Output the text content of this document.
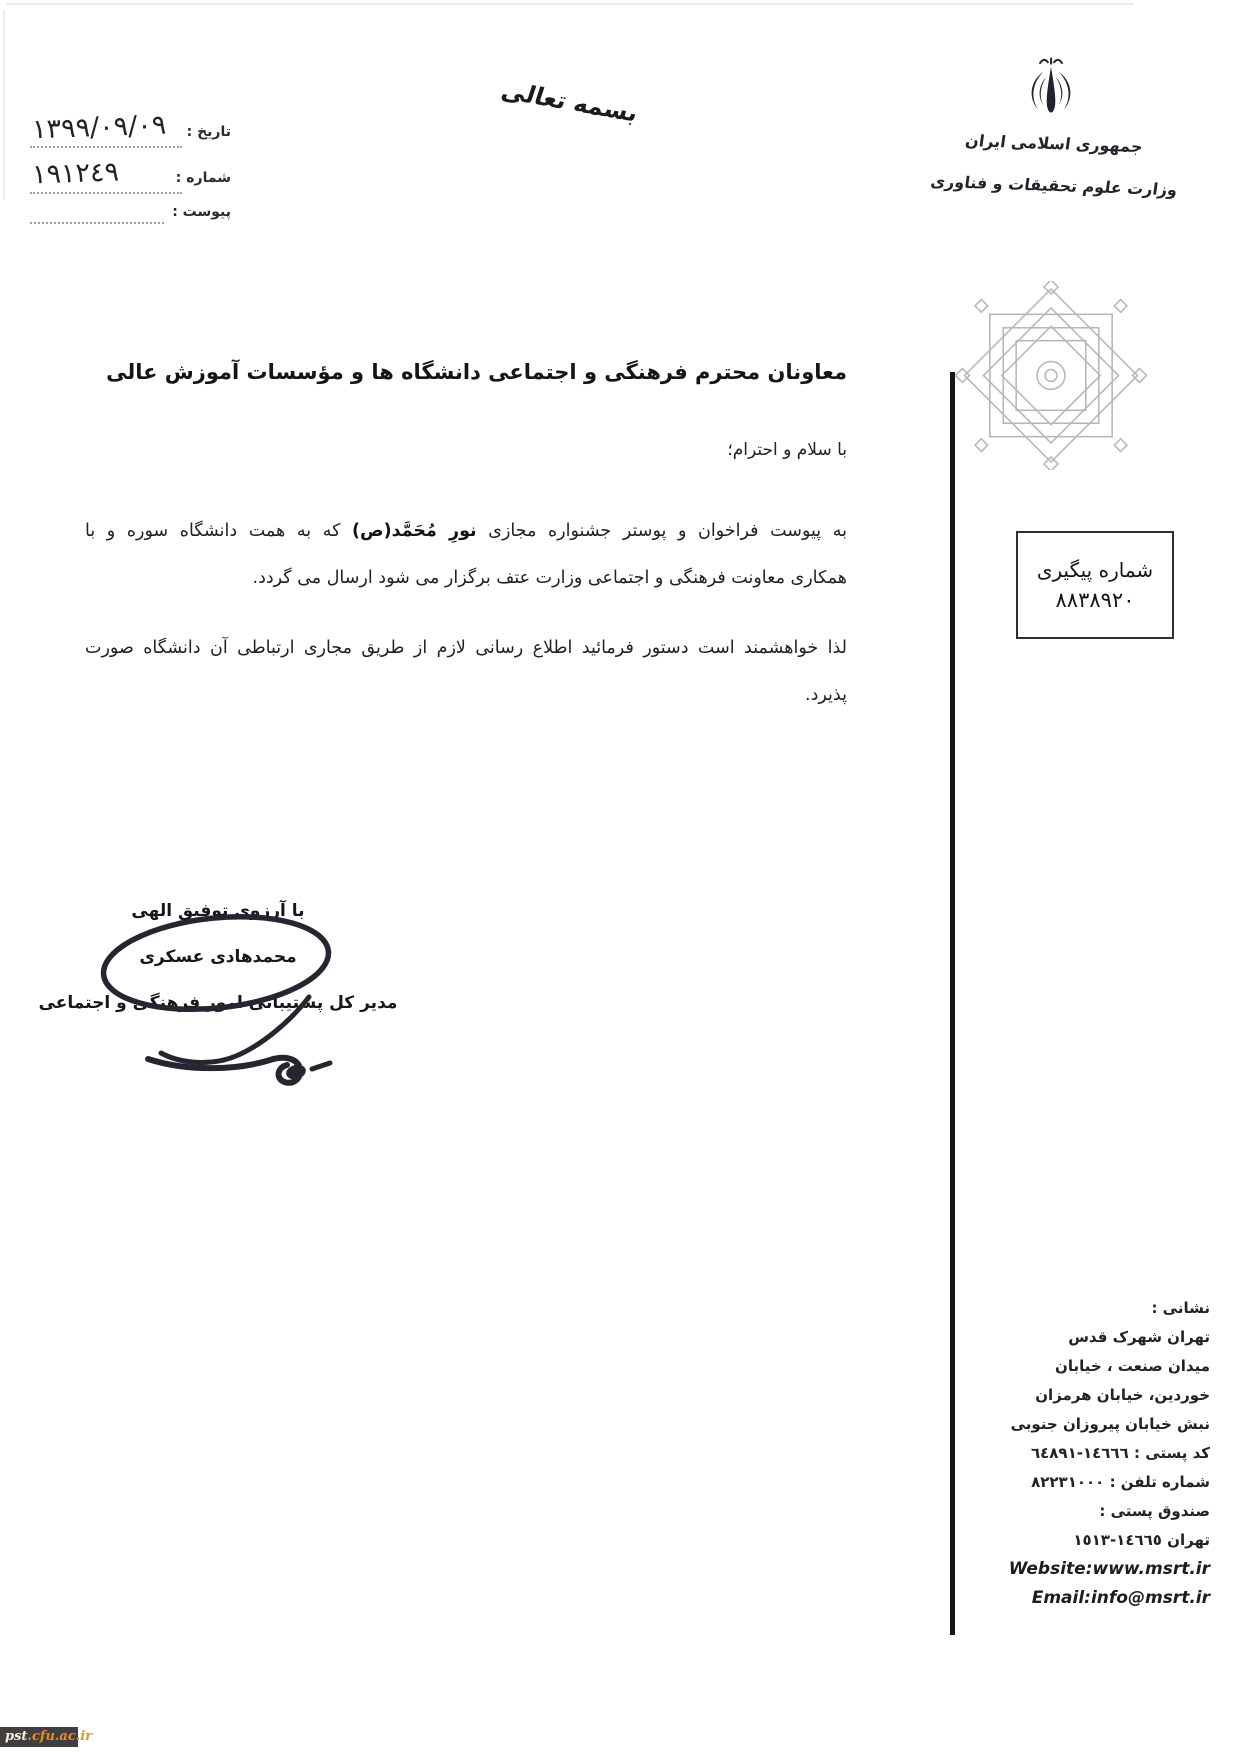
١٣٩٩/٠٩/٠٩ تاریخ :
١٩١٢٤٩	شماره :
پیوست :
بسمه تعالی
جمهوری اسلامی ایران
وزارت علوم تحقیقات و فناوری
شماره پیگیری
٨٨٣٨٩٢٠
معاونان محترم فرهنگی و اجتماعی دانشگاه ها و مؤسسات آموزش عالی
با سلام و احترام؛
به پیوست فراخوان و پوستر جشنواره مجازی نورِ مُحَمَّد(ص) که به همت دانشگاه سوره و با
همکاری معاونت فرهنگی و اجتماعی وزارت عتف برگزار می شود ارسال می گردد.
لذا خواهشمند است دستور فرمائید اطلاع رسانی لازم از طریق مجاری ارتباطی آن دانشگاه صورت
پذیرد.
با آرزوی توفیق الهی
محمدهادی عسکری
مدیر کل پشتیبانی امور فرهنگی و اجتماعی
نشانی :
تهران شهرک قدس
میدان صنعت ، خیابان
خوردین، خیابان هرمزان
نبش خیابان پیروزان جنوبی
کد پستی : ١٤٦٦٦-٦٤٨٩١
شماره تلفن : ٨٢٢٣١٠٠٠
صندوق پستی :
تهران ١٤٦٦٥-١٥١٣
Website:www.msrt.ir
Email:info@msrt.ir
pst.cfu.ac.ir
